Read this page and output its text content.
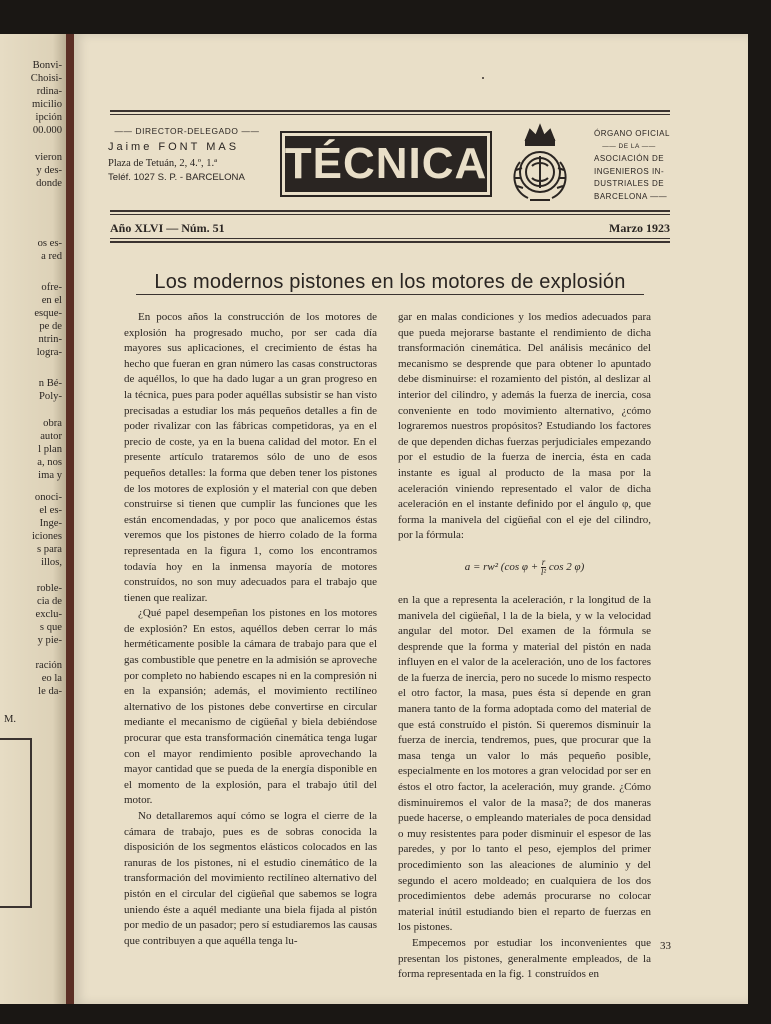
Bonvi-
Choisi-
rdina-
micilio
ipción
00.000
vieron
y des-
donde
os es-
a red
ofre-
en el
esque-
pe de
ntrin-
logra-
n Bé-
Poly-
obra
autor
l plan
a, nos
ima y
onoci-
el es-
Inge-
iciones
s para
illos,
roble-
cia de
exclu-
s que
y pie-
ración
eo la
le da-
M.
—— DIRECTOR-DELEGADO ——
Jaime FONT MAS
Plaza de Tetuán, 2, 4.º, 1.ª
Teléf. 1027 S. P. - BARCELONA TÉCNICA
ÓRGANO OFICIAL
—— DE LA ——
ASOCIACIÓN DE
INGENIEROS IN-
DUSTRIALES DE
BARCELONA ——
Año XLVI — Núm. 51	Marzo 1923
Los modernos pistones en los motores de explosión

En pocos años la construcción de los motores de explosión ha progresado mucho, por ser cada día mayores sus aplicaciones, el crecimiento de éstas ha hecho que fueran en gran número las casas constructoras de aquéllos, lo que ha dado lugar a un gran progreso en la técnica, pues para poder aquéllas subsistir se han visto precisadas a estudiar los más pequeños detalles a fin de poder rivalizar con las fábricas competidoras, ya en el precio de coste, ya en la buena calidad del motor. En el presente artículo trataremos sólo de uno de esos pequeños detalles: la forma que deben tener los pistones de los motores de explosión y el material con que deben construirse si tienen que cumplir las funciones que les están encomendadas, y por poco que analicemos éstas veremos que los pistones de hierro colado de la forma representada en la figura 1, como los encontramos todavía hoy en la inmensa mayoría de motores construídos, no son muy adecuados para el trabajo que tienen que realizar.

¿Qué papel desempeñan los pistones en los motores de explosión? En estos, aquéllos deben cerrar lo más herméticamente posible la cámara de trabajo para que el gas combustible que penetre en la admisión se aproveche por completo no habiendo escapes ni en la compresión ni en la expansión; además, el movimiento rectilíneo alternativo de los pistones debe convertirse en circular mediante el mecanismo de cigüeñal y biela debiéndose procurar que esta transformación cinemática tenga lugar con el mayor rendimiento posible aprovechando la mayor cantidad que se pueda de la energía disponible en el momento de la explosión, para el trabajo útil del motor.

No detallaremos aquí cómo se logra el cierre de la cámara de trabajo, pues es de sobras conocida la disposición de los segmentos elásticos colocados en las ranuras de los pistones, ni el estudio cinemático de la transformación del movimiento rectilíneo alternativo del pistón en el circular del cigüeñal que sabemos se logra uniendo éste a aquél mediante una biela fijada al pistón por medio de un pasador; pero sí estudiaremos las causas que contribuyen a que aquélla tenga lu-

gar en malas condiciones y los medios adecuados para que pueda mejorarse bastante el rendimiento de dicha transformación cinemática. Del análisis mecánico del mecanismo se desprende que para obtener lo apuntado debe disminuirse: el rozamiento del pistón, al deslizar al interior del cilindro, y además la fuerza de inercia, cosa conveniente en todo movimiento alternativo, ¿cómo lograremos nuestros propósitos? Estudiando los factores de que dependen dichas fuerzas perjudiciales empezando por el estudio de la fuerza de inercia, ésta en cada instante es igual al producto de la masa por la aceleración viniendo representado el valor de dicha aceleración en el instante definido por el ángulo φ, que forma la manivela del cigüeñal con el eje del cilindro, por la fórmula:

a = rw² (cos $\varphi + \frac{r}{\text{l²}}$ cos 2 φ)

en la que a representa la aceleración, r la longitud de la manivela del cigüeñal, l la de la biela, y w la velocidad angular del motor. Del examen de la fórmula se desprende que la forma y material del pistón en nada influyen en el valor de la aceleración, uno de los factores de la fuerza de inercia, pero no sucede lo mismo respecto el otro factor, la masa, pues ésta sí depende en gran manera tanto de la forma adoptada como del material de que está construído el pistón. Si queremos disminuir la fuerza de inercia, tendremos, pues, que procurar que la masa tenga un valor lo más pequeño posible, especialmente en los motores a gran velocidad por ser en éstos el otro factor, la aceleración, muy grande. ¿Cómo disminuiremos el valor de la masa?; de dos maneras puede hacerse, o empleando materiales de poca densidad o muy resistentes para poder disminuir el espesor de las paredes, y por lo tanto el peso, ejemplos del primer procedimiento son las aleaciones de aluminio y del segundo el acero moldeado; en cualquiera de los dos procedimientos debe además procurarse no colocar material inútil estudiando bien el reparto de fuerzas en los pistones.

Empecemos por estudiar los inconvenientes que presentan los pistones, generalmente empleados, de la forma representada en la fig. 1 construídos en

33
